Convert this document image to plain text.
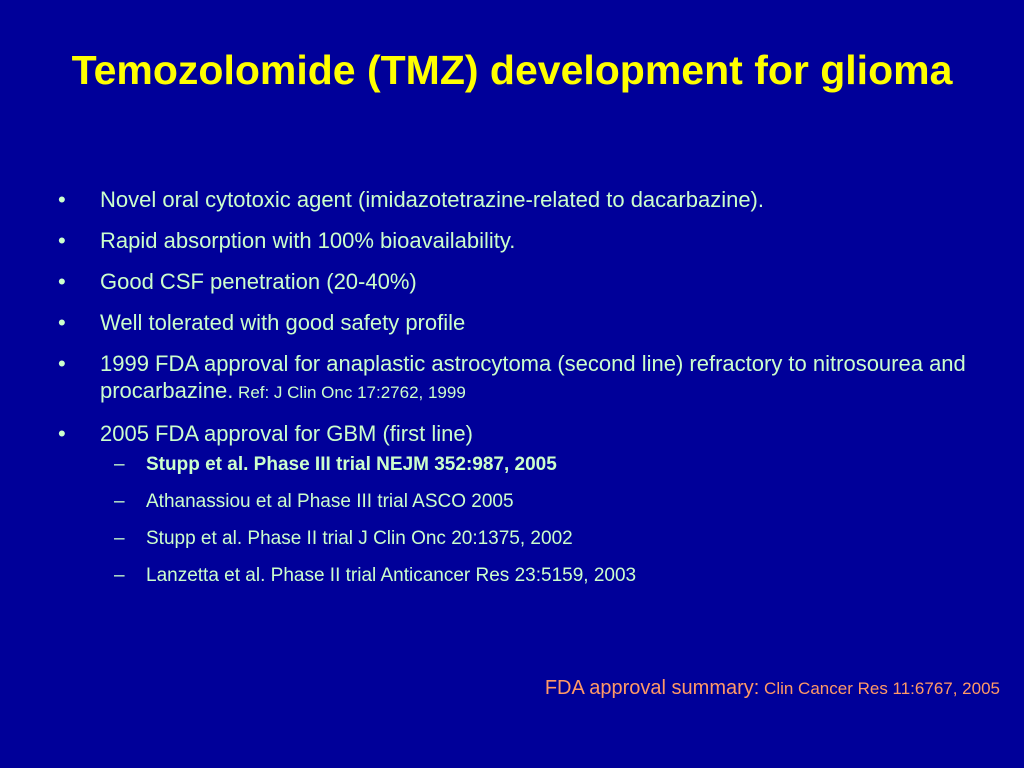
Temozolomide (TMZ) development for glioma
•	Novel oral cytotoxic agent (imidazotetrazine-related to dacarbazine).
•	Rapid absorption with 100% bioavailability.
•	Good CSF penetration (20-40%)
•	Well tolerated with good safety profile
•	1999 FDA approval for anaplastic astrocytoma (second line) refractory to nitrosourea and procarbazine. Ref: J Clin Onc 17:2762, 1999
•	2005 FDA approval for GBM (first line)
– Stupp et al. Phase III trial NEJM 352:987, 2005
– Athanassiou et al Phase III trial ASCO 2005
– Stupp et al. Phase II trial J Clin Onc 20:1375, 2002
– Lanzetta et al. Phase II trial Anticancer Res 23:5159, 2003
FDA approval summary: Clin Cancer Res 11:6767, 2005
